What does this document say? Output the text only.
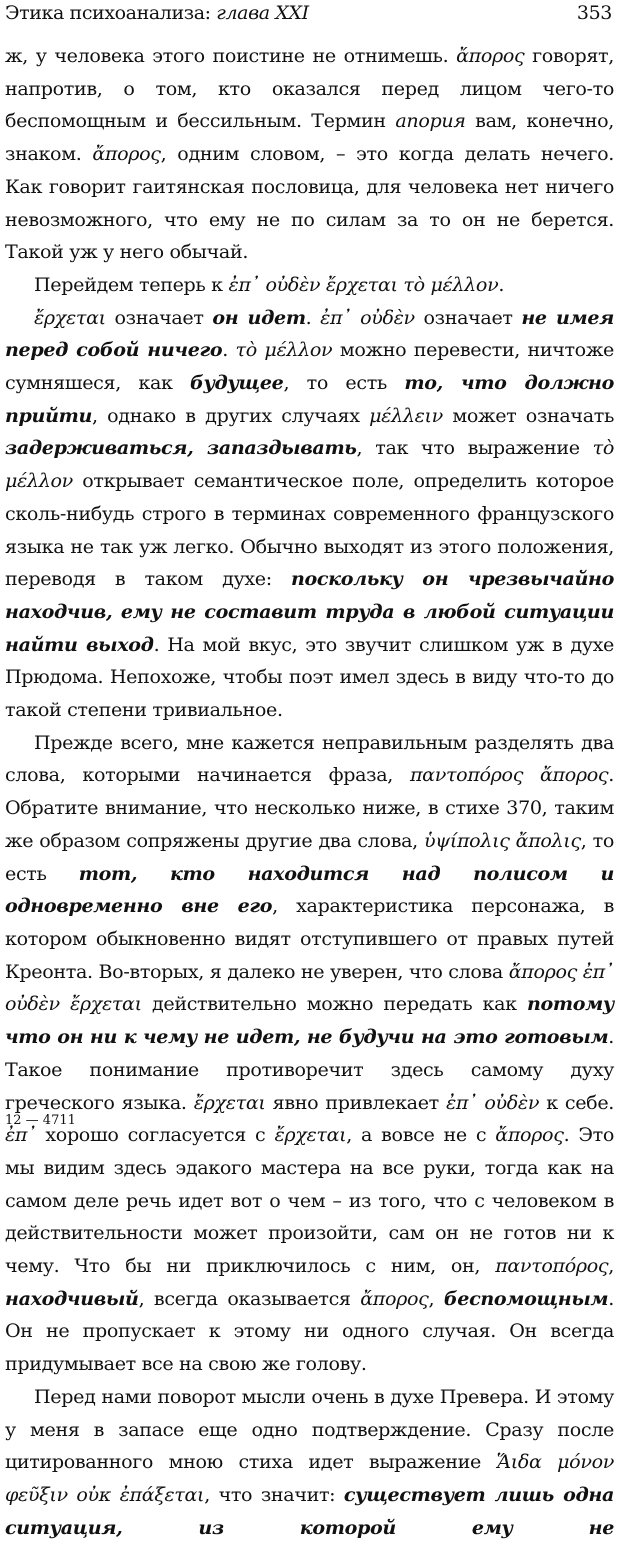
Этика психоанализа: глава XXI	353

ж, у человека этого поистине не отнимешь. ἄπορος говорят, напротив, о том, кто оказался перед лицом чего-то беспомощным и бессильным. Термин апория вам, конечно, знаком. ἄπορος, одним словом, – это когда делать нечего. Как говорит гаитянская пословица, для человека нет ничего невозможного, что ему не по силам за то он не берется. Такой уж у него обычай.

Перейдем теперь к ἐπ᾽ οὐδὲν ἔρχεται τὸ μέλλον.

ἔρχεται означает он идет. ἐπ᾽ οὐδὲν означает не имея перед собой ничего. τὸ μέλλον можно перевести, ничтоже сумняшеся, как будущее, то есть то, что должно прийти, однако в других случаях μέλλειν может означать задерживаться, запаздывать, так что выражение τὸ μέλλον открывает семантическое поле, определить которое сколь-нибудь строго в терминах современного французского языка не так уж легко. Обычно выходят из этого положения, переводя в таком духе: поскольку он чрезвычайно находчив, ему не составит труда в любой ситуации найти выход. На мой вкус, это звучит слишком уж в духе Прюдома. Непохоже, чтобы поэт имел здесь в виду что-то до такой степени тривиальное.

Прежде всего, мне кажется неправильным разделять два слова, которыми начинается фраза, παντοπόρος ἄπορος. Обратите внимание, что несколько ниже, в стихе 370, таким же образом сопряжены другие два слова, ὑψίπολις ἄπολις, то есть тот, кто находится над полисом и одновременно вне его, характеристика персонажа, в котором обыкновенно видят отступившего от правых путей Креонта. Во-вторых, я далеко не уверен, что слова ἄπορος ἐπ᾽ οὐδὲν ἔρχεται действительно можно передать как потому что он ни к чему не идет, не будучи на это готовым. Такое понимание противоречит здесь самому духу греческого языка. ἔρχεται явно привлекает ἐπ᾽ οὐδὲν к себе. ἐπ᾽ хорошо согласуется с ἔρχεται, а вовсе не с ἄπορος. Это мы видим здесь эдакого мастера на все руки, тогда как на самом деле речь идет вот о чем – из того, что с человеком в действительности может произойти, сам он не готов ни к чему. Что бы ни приключилось с ним, он, παντοπόρος, находчивый, всегда оказывается ἄπορος, беспомощным. Он не пропускает к этому ни одного случая. Он всегда придумывает все на свою же голову.

Перед нами поворот мысли очень в духе Превера. И этому у меня в запасе еще одно подтверждение. Сразу после цитированного мною стиха идет выражение Ἅιδα μόνον φεῦξιν οὐκ ἐπάξεται, что значит: существует лишь одна ситуация, из которой ему не

12 — 4711
